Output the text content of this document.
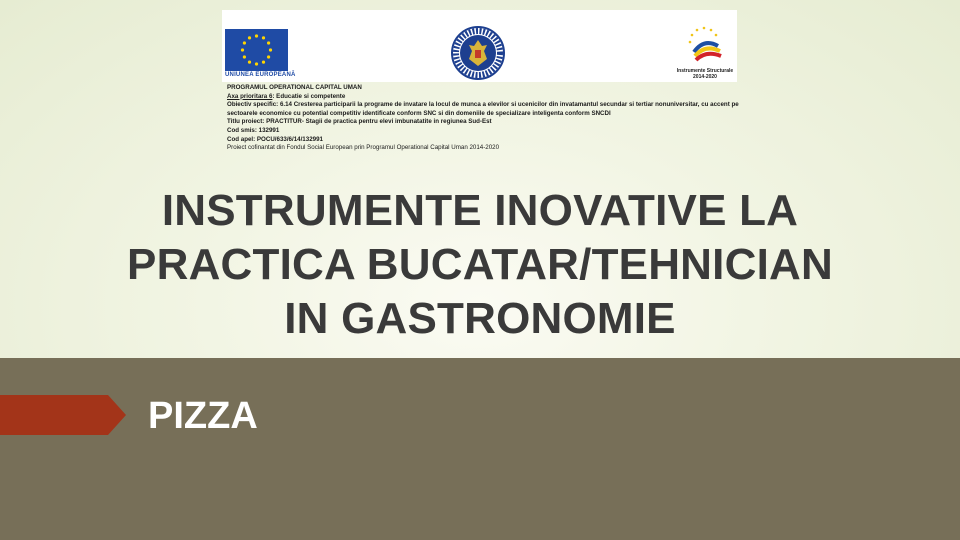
UNIUNEA EUROPEANĂ
Instrumente Structurale
2014-2020
PROGRAMUL OPERATIONAL CAPITAL UMAN
Axa prioritara 6: Educatie si competente
Obiectiv specific: 6.14 Cresterea participarii la programe de invatare la locul de munca a elevilor si ucenicilor din invatamantul secundar si tertiar nonuniversitar, cu accent pe sectoarele economice cu potential competitiv identificate conform SNC si din domeniile de specializare inteligenta conform SNCDI
Titlu proiect: PRACTITUR- Stagii de practica pentru elevi imbunatatite in regiunea Sud-Est
Cod smis: 132991
Cod apel: POCU/633/6/14/132991
Proiect cofinantat din Fondul Social European prin Programul Operational Capital Uman 2014-2020
INSTRUMENTE INOVATIVE LA
PRACTICA BUCATAR/TEHNICIAN
IN GASTRONOMIE
PIZZA
